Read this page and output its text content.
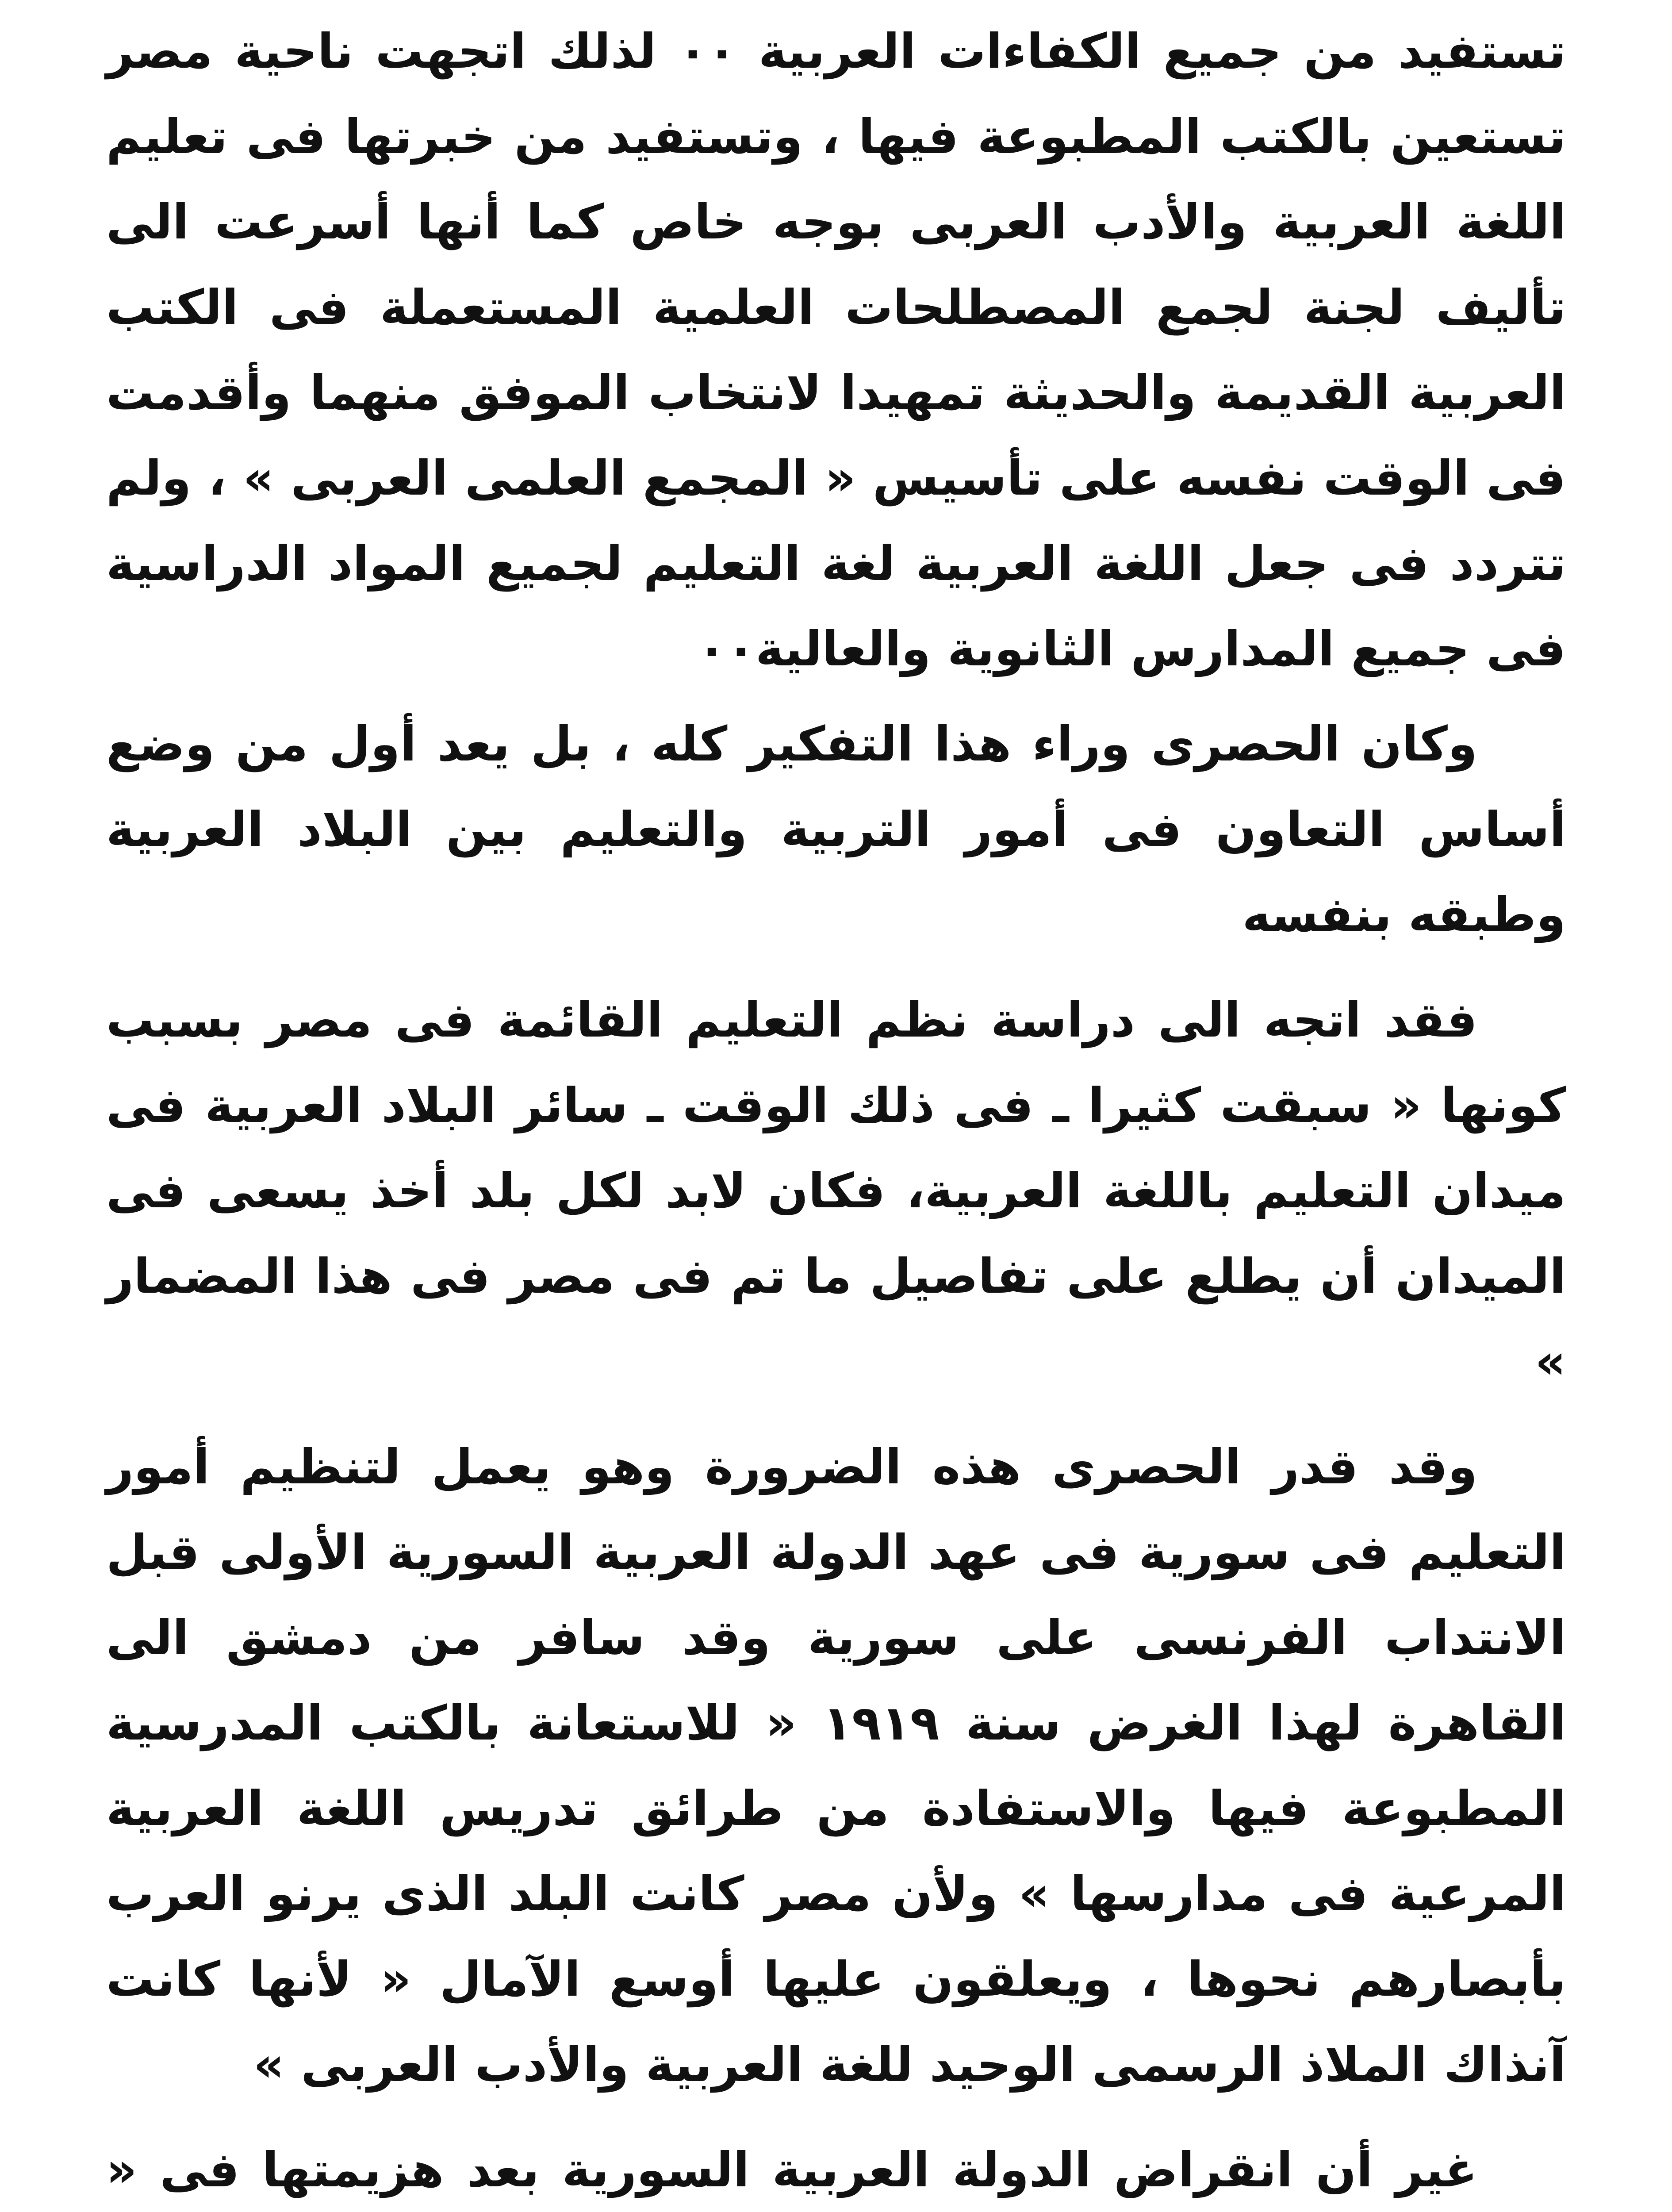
تستفيد من جميع الكفاءات العربية ٠٠ لذلك اتجهت ناحية مصر تستعين بالكتب المطبوعة فيها ، وتستفيد من خبرتها فى تعليم اللغة العربية والأدب العربى بوجه خاص كما أنها أسرعت الى تأليف لجنة لجمع المصطلحات العلمية المستعملة فى الكتب العربية القديمة والحديثة تمهيدا لانتخاب الموفق منهما وأقدمت فى الوقت نفسه على تأسيس « المجمع العلمى العربى » ، ولم تتردد فى جعل اللغة العربية لغة التعليم لجميع المواد الدراسية فى جميع المدارس الثانوية والعالية٠٠

وكان الحصرى وراء هذا التفكير كله ، بل يعد أول من وضع أساس التعاون فى أمور التربية والتعليم بين البلاد العربية وطبقه بنفسه

فقد اتجه الى دراسة نظم التعليم القائمة فى مصر بسبب كونها « سبقت كثيرا ـ فى ذلك الوقت ـ سائر البلاد العربية فى ميدان التعليم باللغة العربية، فكان لابد لكل بلد أخذ يسعى فى الميدان أن يطلع على تفاصيل ما تم فى مصر فى هذا المضمار »

وقد قدر الحصرى هذه الضرورة وهو يعمل لتنظيم أمور التعليم فى سورية فى عهد الدولة العربية السورية الأولى قبل الانتداب الفرنسى على سورية وقد سافر من دمشق الى القاهرة لهذا الغرض سنة ١٩١٩ « للاستعانة بالكتب المدرسية المطبوعة فيها والاستفادة من طرائق تدريس اللغة العربية المرعية فى مدارسها » ولأن مصر كانت البلد الذى يرنو العرب بأبصارهم نحوها ، ويعلقون عليها أوسع الآمال « لأنها كانت آنذاك الملاذ الرسمى الوحيد للغة العربية والأدب العربى »

غير أن انقراض الدولة العربية السورية بعد هزيمتها فى «
